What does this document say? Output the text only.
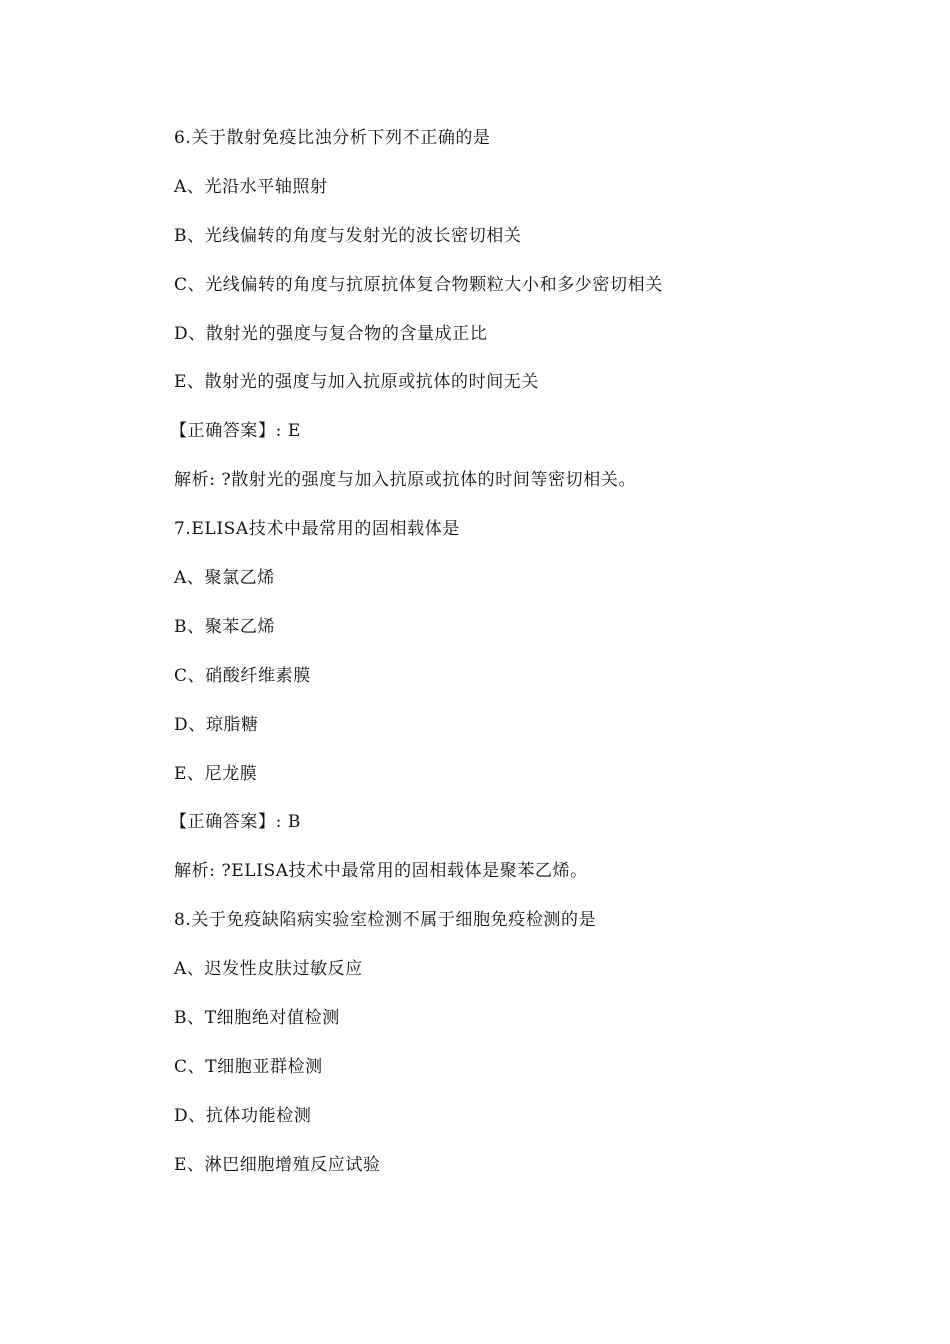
6.关于散射免疫比浊分析下列不正确的是
A、光沿水平轴照射
B、光线偏转的角度与发射光的波长密切相关
C、光线偏转的角度与抗原抗体复合物颗粒大小和多少密切相关
D、散射光的强度与复合物的含量成正比
E、散射光的强度与加入抗原或抗体的时间无关
【正确答案】: E
解析: ?散射光的强度与加入抗原或抗体的时间等密切相关。
7.ELISA技术中最常用的固相载体是
A、聚氯乙烯
B、聚苯乙烯
C、硝酸纤维素膜
D、琼脂糖
E、尼龙膜
【正确答案】: B
解析: ?ELISA技术中最常用的固相载体是聚苯乙烯。
8.关于免疫缺陷病实验室检测不属于细胞免疫检测的是
A、迟发性皮肤过敏反应
B、T细胞绝对值检测
C、T细胞亚群检测
D、抗体功能检测
E、淋巴细胞增殖反应试验
